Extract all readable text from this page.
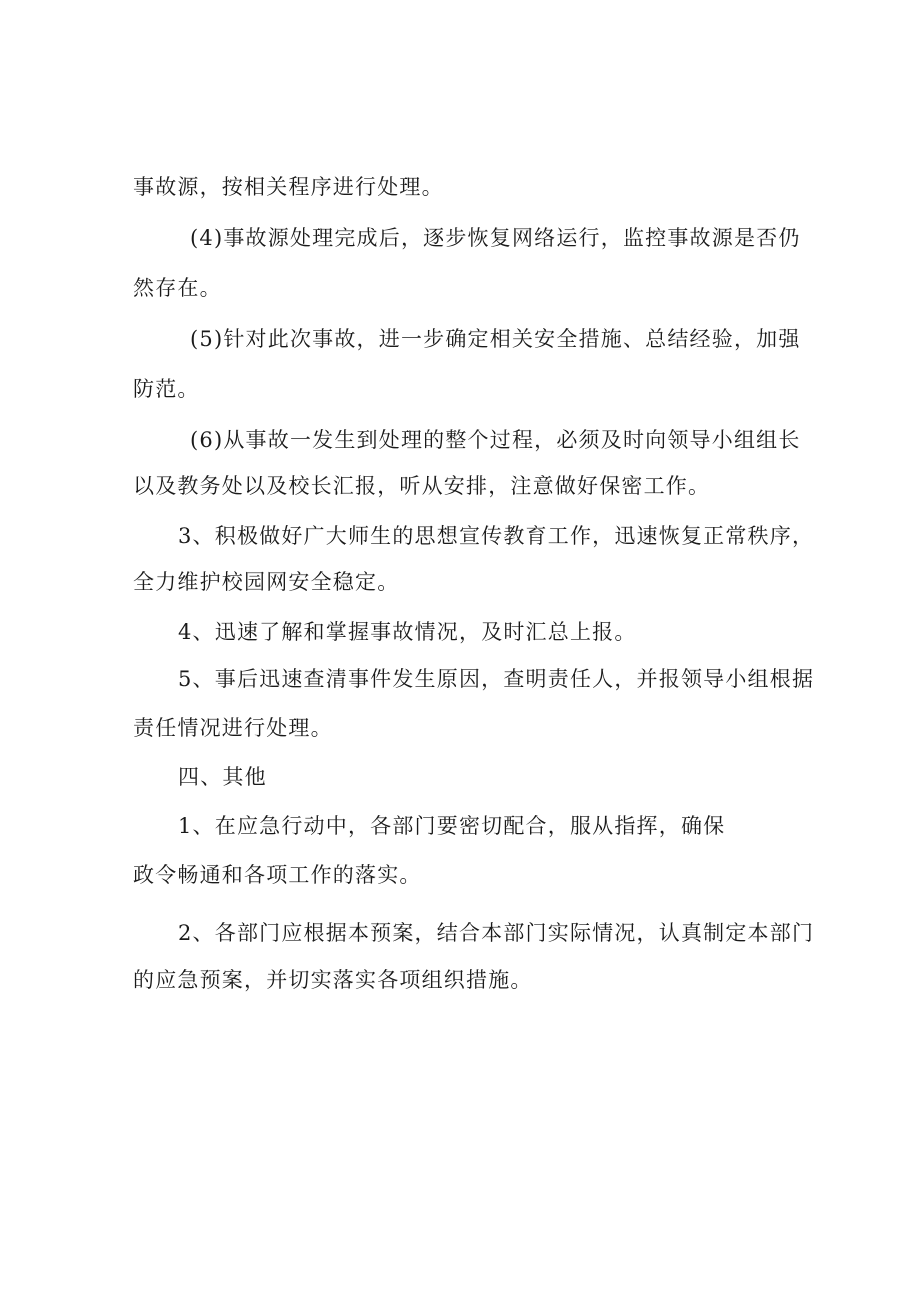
事故源，按相关程序进行处理。
(4)事故源处理完成后，逐步恢复网络运行，监控事故源是否仍
然存在。
(5)针对此次事故，进一步确定相关安全措施、总结经验，加强
防范。
(6)从事故一发生到处理的整个过程，必须及时向领导小组组长
以及教务处以及校长汇报，听从安排，注意做好保密工作。
3、积极做好广大师生的思想宣传教育工作，迅速恢复正常秩序，
全力维护校园网安全稳定。
4、迅速了解和掌握事故情况，及时汇总上报。
5、事后迅速查清事件发生原因，查明责任人，并报领导小组根据
责任情况进行处理。
四、其他
1、在应急行动中，各部门要密切配合，服从指挥，确保
政令畅通和各项工作的落实。
2、各部门应根据本预案，结合本部门实际情况，认真制定本部门
的应急预案，并切实落实各项组织措施。
